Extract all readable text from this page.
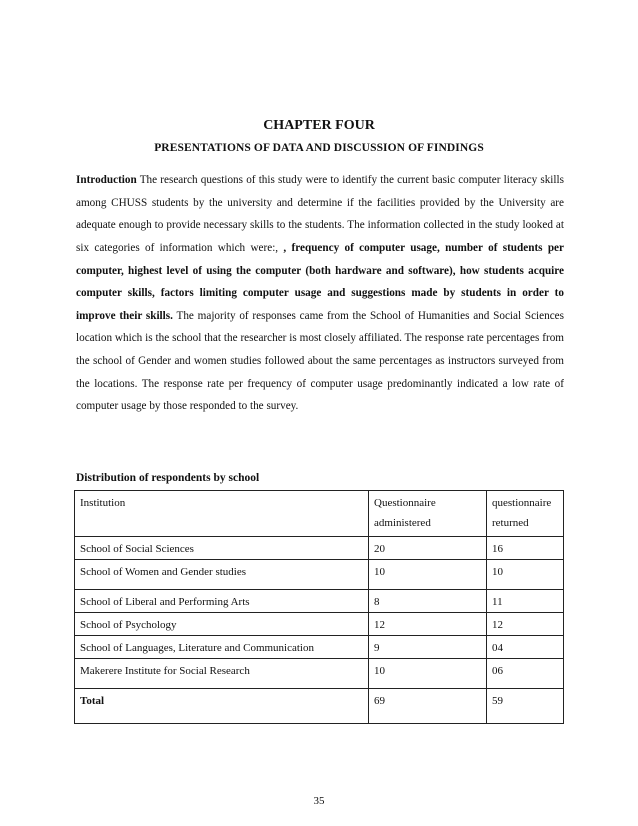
CHAPTER FOUR
PRESENTATIONS OF DATA AND DISCUSSION OF FINDINGS

Introduction The research questions of this study were to identify the current basic computer literacy skills among CHUSS students by the university and determine if the facilities provided by the University are adequate enough to provide necessary skills to the students. The information collected in the study looked at six categories of information which were:, , frequency of computer usage, number of students per computer, highest level of using the computer (both hardware and software), how students acquire computer skills, factors limiting computer usage and suggestions made by students in order to improve their skills. The majority of responses came from the School of Humanities and Social Sciences location which is the school that the researcher is most closely affiliated. The response rate percentages from the school of Gender and women studies followed about the same percentages as instructors surveyed from the locations. The response rate per frequency of computer usage predominantly indicated a low rate of computer usage by those responded to the survey.

Distribution of respondents by school
Institution	Questionnaire administered	questionnaire returned
School of Social Sciences	20	16
School of Women and Gender studies	10	10
School of Liberal and Performing Arts	8	11
School of Psychology	12	12
School of Languages, Literature and Communication	9	04
Makerere Institute for Social Research	10	06
Total	69	59
35
